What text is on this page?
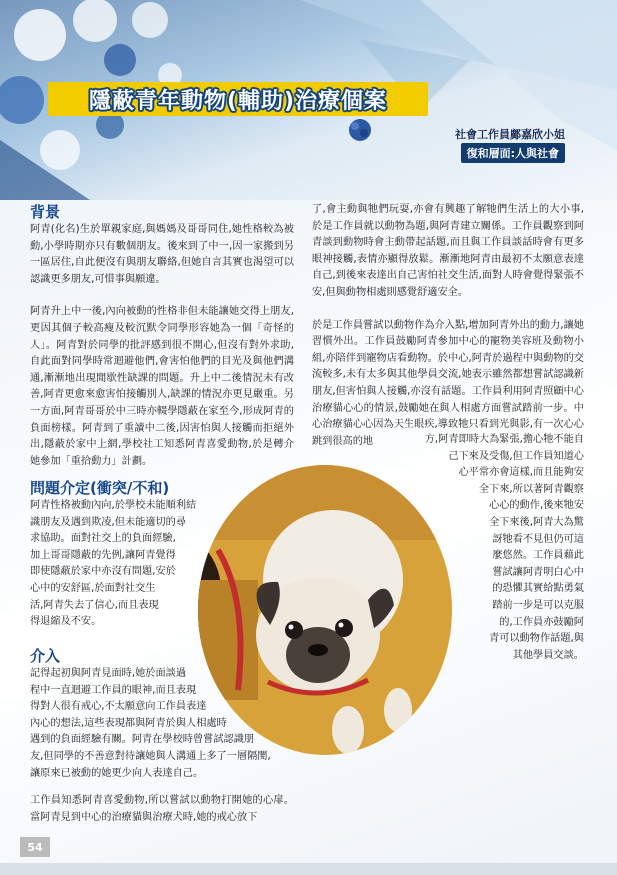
隱蔽青年動物(輔助)治療個案
社會工作員鄺嘉欣小姐
復和層面:人與社會
背景

阿青(化名)生於單親家庭,與媽媽及哥哥同住,她性格較為被動,小學時期亦只有數個朋友。後來到了中一,因一家搬到另一區居住,自此便沒有與朋友聯絡,但她自言其實也渴望可以認識更多朋友,可惜事與願違。

阿青升上中一後,內向被動的性格非但未能讓她交得上朋友,更因其個子較高瘦及較沉默令同學形容她為一個「奇怪的人」。阿青對於同學的批評感到很不開心,但沒有對外求助,自此面對同學時常迴避他們,會害怕他們的目光及與他們溝通,漸漸地出現閒歇性缺課的問題。升上中二後情況未有改善,阿青更愈來愈害怕接觸別人,缺課的情況亦更見嚴重。另一方面,阿青哥哥於中三時亦輟學隱蔽在家至今,形成阿青的負面榜樣。阿青到了重讀中二後,因害怕與人接觸而拒絕外出,隱蔽於家中上網,學校社工知悉阿青喜愛動物,於是轉介她參加「重拾動力」計劃。

問題介定(衝突/不和)
阿青性格被動內向,於學校未能順利結
識朋友及遇到欺凌,但未能適切的尋
求協助。面對社交上的負面經驗,
加上哥哥隱蔽的先例,讓阿青覺得
即使隱蔽於家中亦沒有問題,安於
心中的安舒區,於面對社交生
活,阿青失去了信心,而且表現
得退縮及不安。
介入
記得起初與阿青見面時,她於面談過
程中一直迴避工作員的眼神,而且表現
得對人很有戒心,不太願意向工作員表達
內心的想法,這些表現都與阿青於與人相處時
遇到的負面經驗有關。阿青在學校時曾嘗試認識朋
友,但同學的不善意對待讓她與人溝通上多了一層隔閡,
讓原來已被動的她更少向人表達自己。

工作員知悉阿青喜愛動物,所以嘗試以動物打開她的心扉。當阿青見到中心的治療貓與治療犬時,她的戒心放下

了,會主動與牠們玩耍,亦會有興趣了解牠們生活上的大小事,於是工作員就以動物為題,與阿青建立關係。工作員觀察到阿青談到動物時會主動帶起話題,而且與工作員談話時會有更多眼神接觸,表情亦顯得放鬆。漸漸地阿青由最初不太願意表達自己,到後來表達出自己害怕社交生活,面對人時會覺得緊張不安,但與動物相處則感覺舒適安全。

於是工作員嘗試以動物作為介入點,增加阿青外出的動力,讓她習慣外出。工作員鼓勵阿青參加中心的寵物美容班及動物小組,亦陪伴到寵物店看動物。於中心,阿青於過程中與動物的交流較多,未有太多與其他學員交流,她表示雖然都想嘗試認識新朋友,但害怕與人接觸,亦沒有話題。工作員利用阿青照顧中心治療貓心心的情景,鼓勵她在與人相處方面嘗試踏前一步。中心治療貓心心因為天生眼疾,導致牠只看到光與影,有一次心心跳到很高的地	方,阿青即時大為緊張,擔心牠不能自
己下來及受傷,但工作員知道心
心平常亦會這樣,而且能夠安
全下來,所以著阿青觀察
心心的動作,後來牠安
全下來後,阿青大為驚
訝牠看不見但仍可這
麼悠然。工作員藉此
嘗試讓阿青明白心中
的恐懼其實給點勇氣
踏前一步是可以克服
的,工作員亦鼓勵阿
青可以動物作話題,與
其他學員交談。
54
